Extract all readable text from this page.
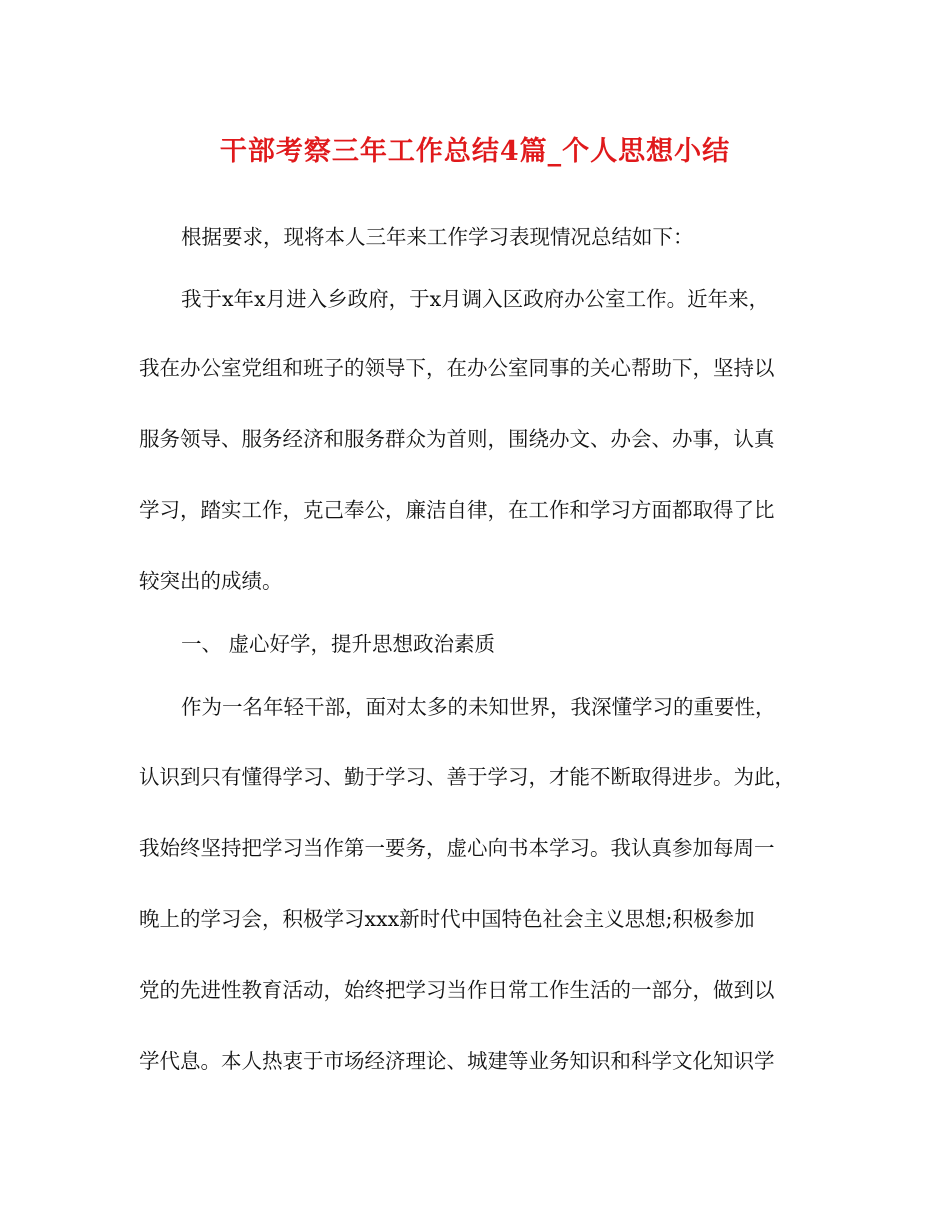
干部考察三年工作总结4篇_个人思想小结
根据要求，现将本人三年来工作学习表现情况总结如下：
我于x年x月进入乡政府，于x月调入区政府办公室工作。近年来，
我在办公室党组和班子的领导下，在办公室同事的关心帮助下，坚持以
服务领导、服务经济和服务群众为首则，围绕办文、办会、办事，认真
学习，踏实工作，克己奉公，廉洁自律，在工作和学习方面都取得了比
较突出的成绩。
一、 虚心好学，提升思想政治素质
作为一名年轻干部，面对太多的未知世界，我深懂学习的重要性，
认识到只有懂得学习、勤于学习、善于学习，才能不断取得进步。为此，
我始终坚持把学习当作第一要务，虚心向书本学习。我认真参加每周一
晚上的学习会，积极学习xxx新时代中国特色社会主义思想;积极参加
党的先进性教育活动，始终把学习当作日常工作生活的一部分，做到以
学代息。本人热衷于市场经济理论、城建等业务知识和科学文化知识学
